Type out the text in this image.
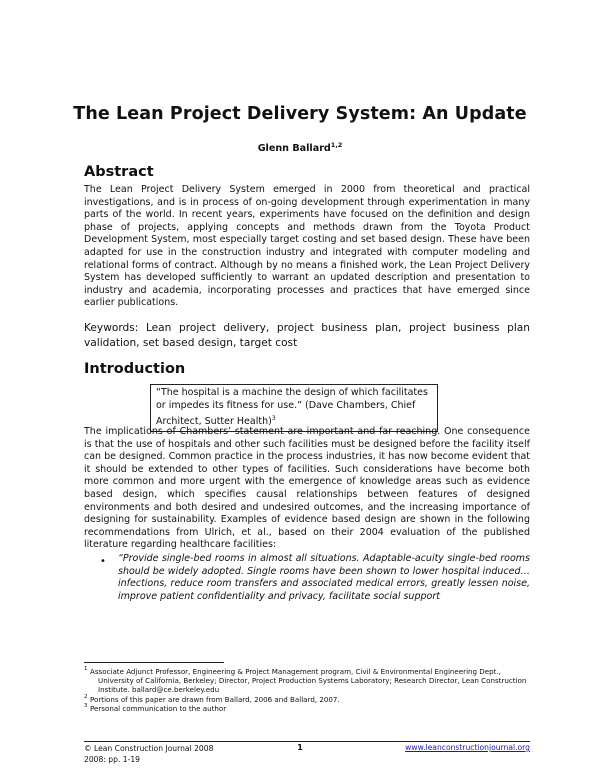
The Lean Project Delivery System: An Update
Glenn Ballard$^{1,2}$
Abstract

The Lean Project Delivery System emerged in 2000 from theoretical and practical investigations, and is in process of on-going development through experimentation in many parts of the world. In recent years, experiments have focused on the definition and design phase of projects, applying concepts and methods drawn from the Toyota Product Development System, most especially target costing and set based design. These have been adapted for use in the construction industry and integrated with computer modeling and relational forms of contract. Although by no means a finished work, the Lean Project Delivery System has developed sufficiently to warrant an updated description and presentation to industry and academia, incorporating processes and practices that have emerged since earlier publications.

Keywords: Lean project delivery, project business plan, project business plan validation, set based design, target cost

Introduction
“The hospital is a machine the design of which facilitates or impedes its fitness for use.” (Dave Chambers, Chief Architect, Sutter Health)$^3$

The implications of Chambers’ statement are important and far reaching. One consequence is that the use of hospitals and other such facilities must be designed before the facility itself can be designed. Common practice in the process industries, it has now become evident that it should be extended to other types of facilities. Such considerations have become both more common and more urgent with the emergence of knowledge areas such as evidence based design, which specifies causal relationships between features of designed environments and both desired and undesired outcomes, and the increasing importance of designing for sustainability. Examples of evidence based design are shown in the following recommendations from Ulrich, et al., based on their 2004 evaluation of the published literature regarding healthcare facilities:

• “Provide single-bed rooms in almost all situations. Adaptable-acuity single-bed rooms should be widely adopted. Single rooms have been shown to lower hospital induced…infections, reduce room transfers and associated medical errors, greatly lessen noise, improve patient confidentiality and privacy, facilitate social support

1 Associate Adjunct Professor, Engineering & Project Management program, Civil & Environmental Engineering Dept., University of California, Berkeley; Director, Project Production Systems Laboratory; Research Director, Lean Construction Institute. ballard@ce.berkeley.edu
2 Portions of this paper are drawn from Ballard, 2006 and Ballard, 2007.
3 Personal communication to the author
© Lean Construction Journal 2008
2008: pp. 1-19
1	www.leanconstructionjournal.org
